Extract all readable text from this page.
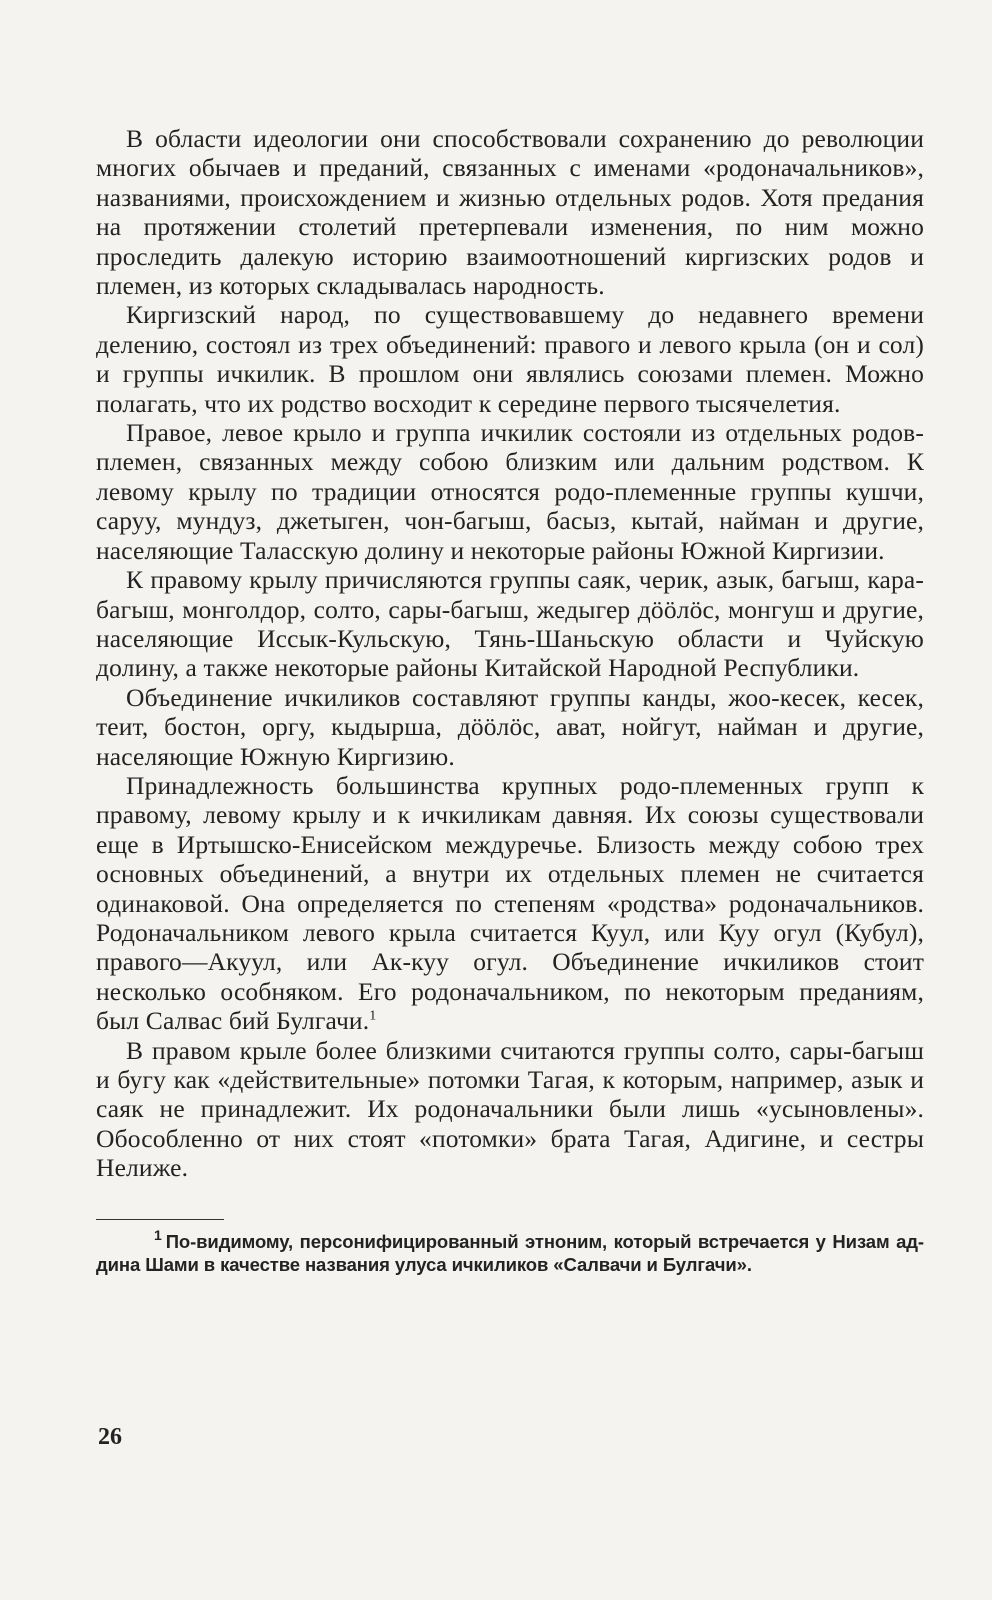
В области идеологии они способствовали сохранению до революции многих обычаев и преданий, связанных с именами «родоначальников», названиями, происхождением и жизнью отдельных родов. Хотя предания на протяжении столетий претерпевали изменения, по ним можно проследить далекую историю взаимоотношений киргизских родов и племен, из которых складывалась народность.

Киргизский народ, по существовавшему до недавнего времени делению, состоял из трех объединений: правого и левого крыла (он и сол) и группы ичкилик. В прошлом они являлись союзами племен. Можно полагать, что их родство восходит к середине первого тысячелетия.

Правое, левое крыло и группа ичкилик состояли из отдельных родов-племен, связанных между собою близким или дальним родством. К левому крылу по традиции относятся родо-племенные группы кушчи, саруу, мундуз, джетыген, чон-багыш, басыз, кытай, найман и другие, населяющие Таласскую долину и некоторые районы Южной Киргизии.

К правому крылу причисляются группы саяк, черик, азык, багыш, кара-багыш, монголдор, солто, сары-багыш, жедыгер дӧӧлӧс, монгуш и другие, населяющие Иссык-Кульскую, Тянь-Шаньскую области и Чуйскую долину, а также некоторые районы Китайской Народной Республики.

Объединение ичкиликов составляют группы канды, жоо-кесек, кесек, теит, бостон, оргу, кыдырша, дӧӧлӧс, ават, нойгут, найман и другие, населяющие Южную Киргизию.

Принадлежность большинства крупных родо-племенных групп к правому, левому крылу и к ичкиликам давняя. Их союзы существовали еще в Иртышско-Енисейском междуречье. Близость между собою трех основных объединений, а внутри их отдельных племен не считается одинаковой. Она определяется по степеням «родства» родоначальников. Родоначальником левого крыла считается Куул, или Куу огул (Кубул), правого—Акуул, или Ак-куу огул. Объединение ичкиликов стоит несколько особняком. Его родоначальником, по некоторым преданиям, был Салвас бий Булгачи.$^1$

В правом крыле более близкими считаются группы солто, сары-багыш и бугу как «действительные» потомки Тагая, к которым, например, азык и саяк не принадлежит. Их родоначальники были лишь «усыновлены». Обособленно от них стоят «потомки» брата Тагая, Адигине, и сестры Нелиже.

$^1$ По-видимому, персонифицированный этноним, который встречается у Низам ад-дина Шами в качестве названия улуса ичкиликов «Салвачи и Булгачи».

26
